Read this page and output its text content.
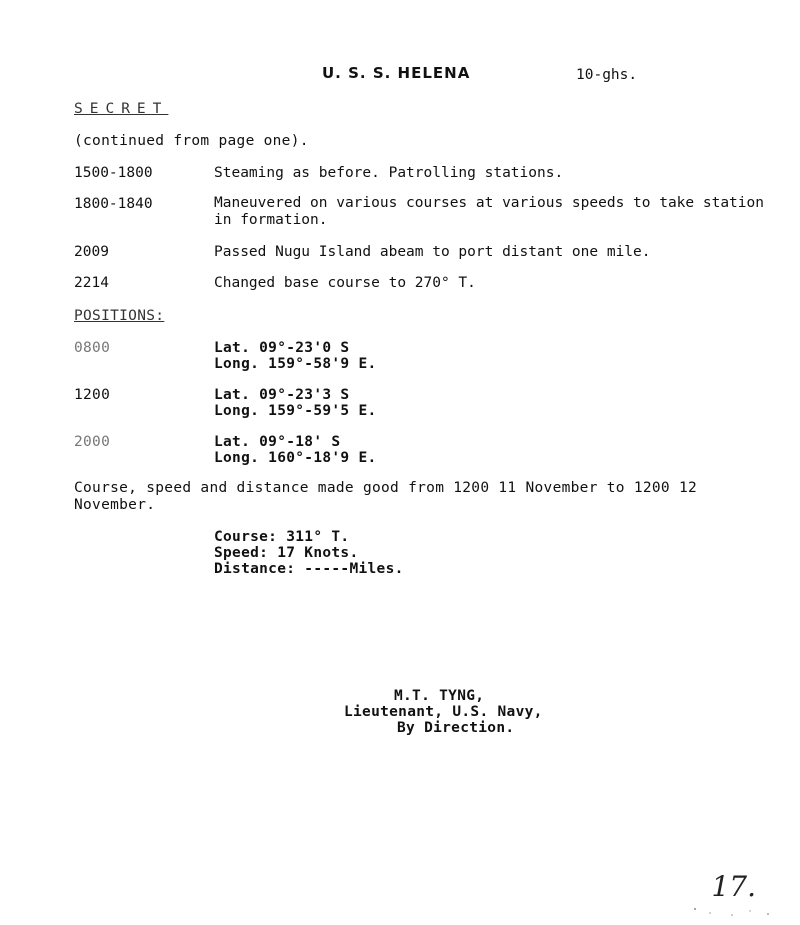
U. S. S. HELENA	10-ghs.
SECRET
(continued from page one).
1500-1800	Steaming as before. Patrolling stations.
1800-1840	Maneuvered on various courses at various speeds to take station in formation.
2009	Passed Nugu Island abeam to port distant one mile.
2214	Changed base course to 270° T.
POSITIONS:
0800	Lat. 09°-23'0 S
Long. 159°-58'9 E.
1200	Lat. 09°-23'3 S
Long. 159°-59'5 E.
2000	Lat. 09°-18' S
Long. 160°-18'9 E.
Course, speed and distance made good from 1200 11 November to 1200 12 November.
Course: 311° T.
Speed: 17 Knots.
Distance: -----Miles.
M.T. TYNG,
Lieutenant, U.S. Navy,
By Direction.
17.
